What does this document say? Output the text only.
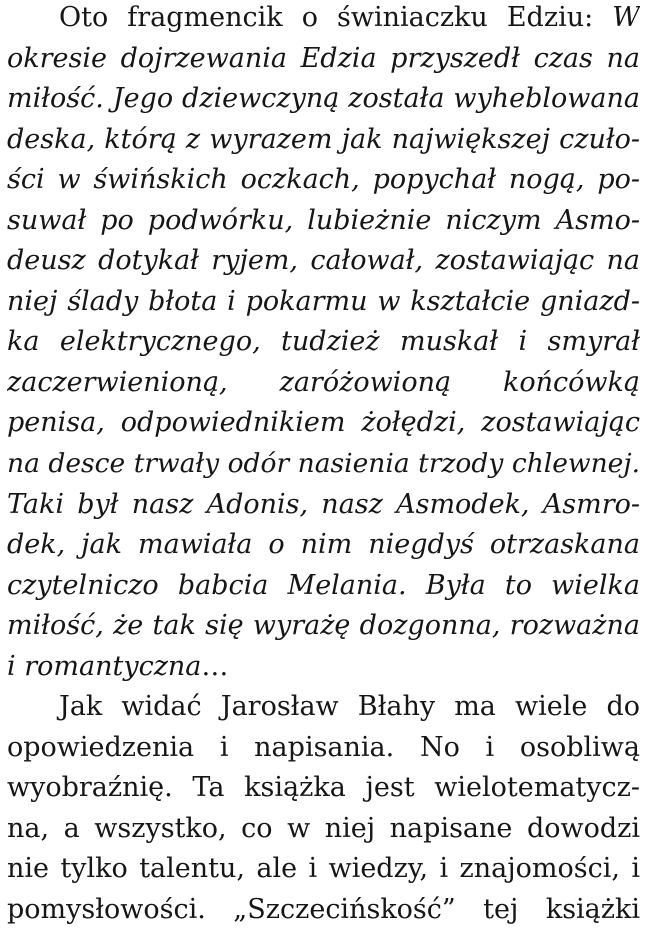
Oto fragmencik o świniaczku Edziu: W
okresie dojrzewania Edzia przyszedł czas na
miłość. Jego dziewczyną została wyheblowana
deska, którą z wyrazem jak największej czuło-
ści w świńskich oczkach, popychał nogą, po-
suwał po podwórku, lubieżnie niczym Asmo-
deusz dotykał ryjem, całował, zostawiając na
niej ślady błota i pokarmu w kształcie gniazd-
ka elektrycznego, tudzież muskał i smyrał
zaczerwienioną, zaróżowioną końcówką
penisa, odpowiednikiem żołędzi, zostawiając
na desce trwały odór nasienia trzody chlewnej.
Taki był nasz Adonis, nasz Asmodek, Asmro-
dek, jak mawiała o nim niegdyś otrzaskana
czytelniczo babcia Melania. Była to wielka
miłość, że tak się wyrażę dozgonna, rozważna
i romantyczna…
Jak widać Jarosław Błahy ma wiele do
opowiedzenia i napisania. No i osobliwą
wyobraźnię. Ta książka jest wielotematycz-
na, a wszystko, co w niej napisane dowodzi
nie tylko talentu, ale i wiedzy, i znajomości, i
pomysłowości. „Szczecińskość” tej książki
